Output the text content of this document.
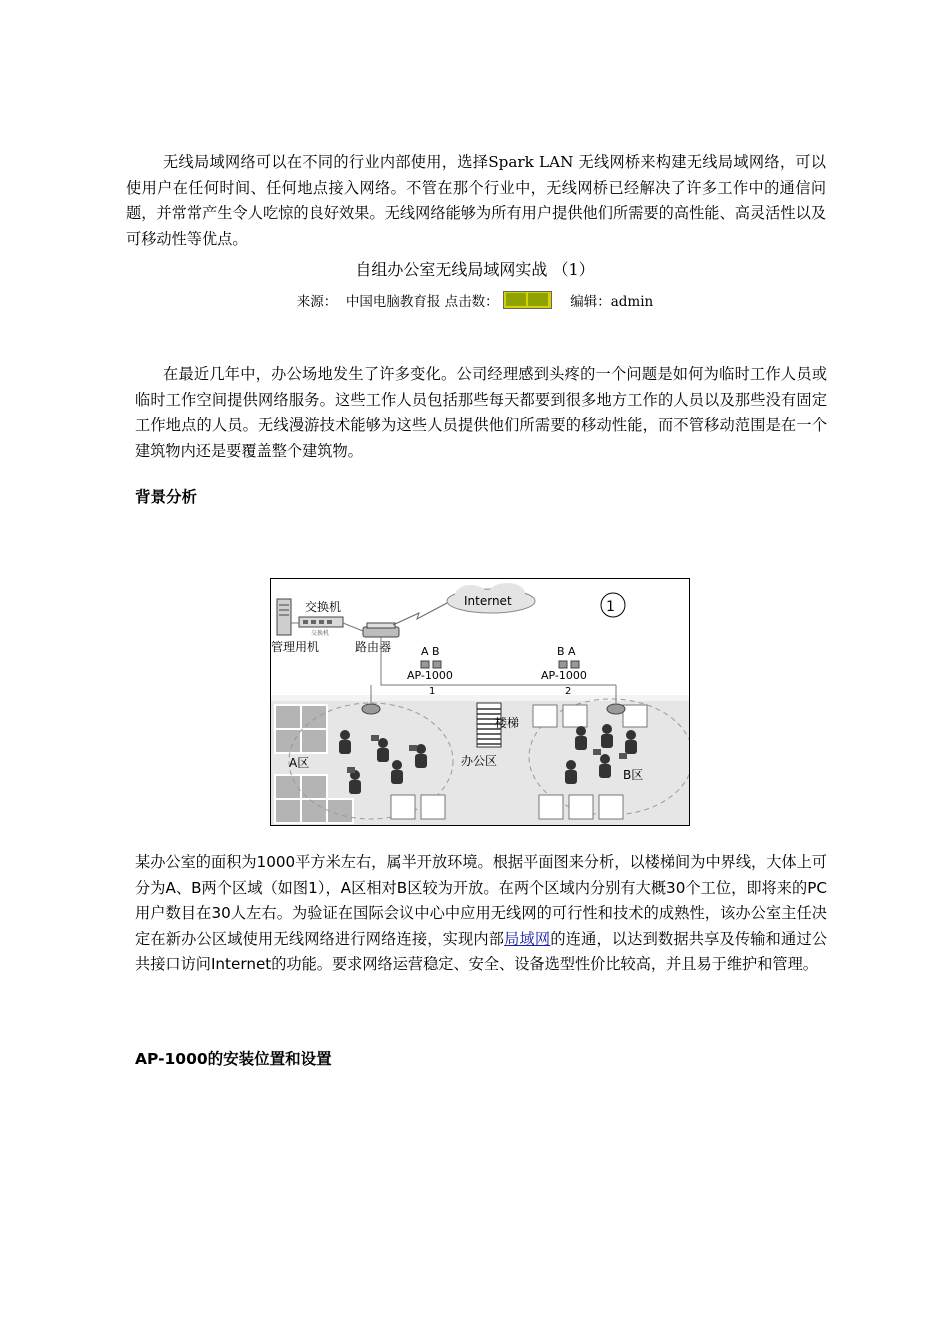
无线局域网络可以在不同的行业内部使用，选择Spark LAN 无线网桥来构建无线局域网络，可以使用户在任何时间、任何地点接入网络。不管在那个行业中，无线网桥已经解决了许多工作中的通信问题，并常常产生令人吃惊的良好效果。无线网络能够为所有用户提供他们所需要的高性能、高灵活性以及可移动性等优点。

自组办公室无线局域网实战 （1）
来源： 中国电脑教育报 点击数：	编辑：admin

在最近几年中，办公场地发生了许多变化。公司经理感到头疼的一个问题是如何为临时工作人员或临时工作空间提供网络服务。这些工作人员包括那些每天都要到很多地方工作的人员以及那些没有固定工作地点的人员。无线漫游技术能够为这些人员提供他们所需要的移动性能，而不管移动范围是在一个建筑物内还是要覆盖整个建筑物。

背景分析
楼梯
管理用机
交换机
交换机
路由器
Internet	1
A B
AP-1000
1
B A
AP-1000
2
办公区
A区
B区

某办公室的面积为1000平方米左右，属半开放环境。根据平面图来分析，以楼梯间为中界线，大体上可分为A、B两个区域（如图1），A区相对B区较为开放。在两个区域内分别有大概30个工位，即将来的PC用户数目在30人左右。为验证在国际会议中心中应用无线网的可行性和技术的成熟性，该办公室主任决定在新办公区域使用无线网络进行网络连接，实现内部局域网的连通，以达到数据共享及传输和通过公共接口访问Internet的功能。要求网络运营稳定、安全、设备选型性价比较高，并且易于维护和管理。

AP-1000的安装位置和设置
